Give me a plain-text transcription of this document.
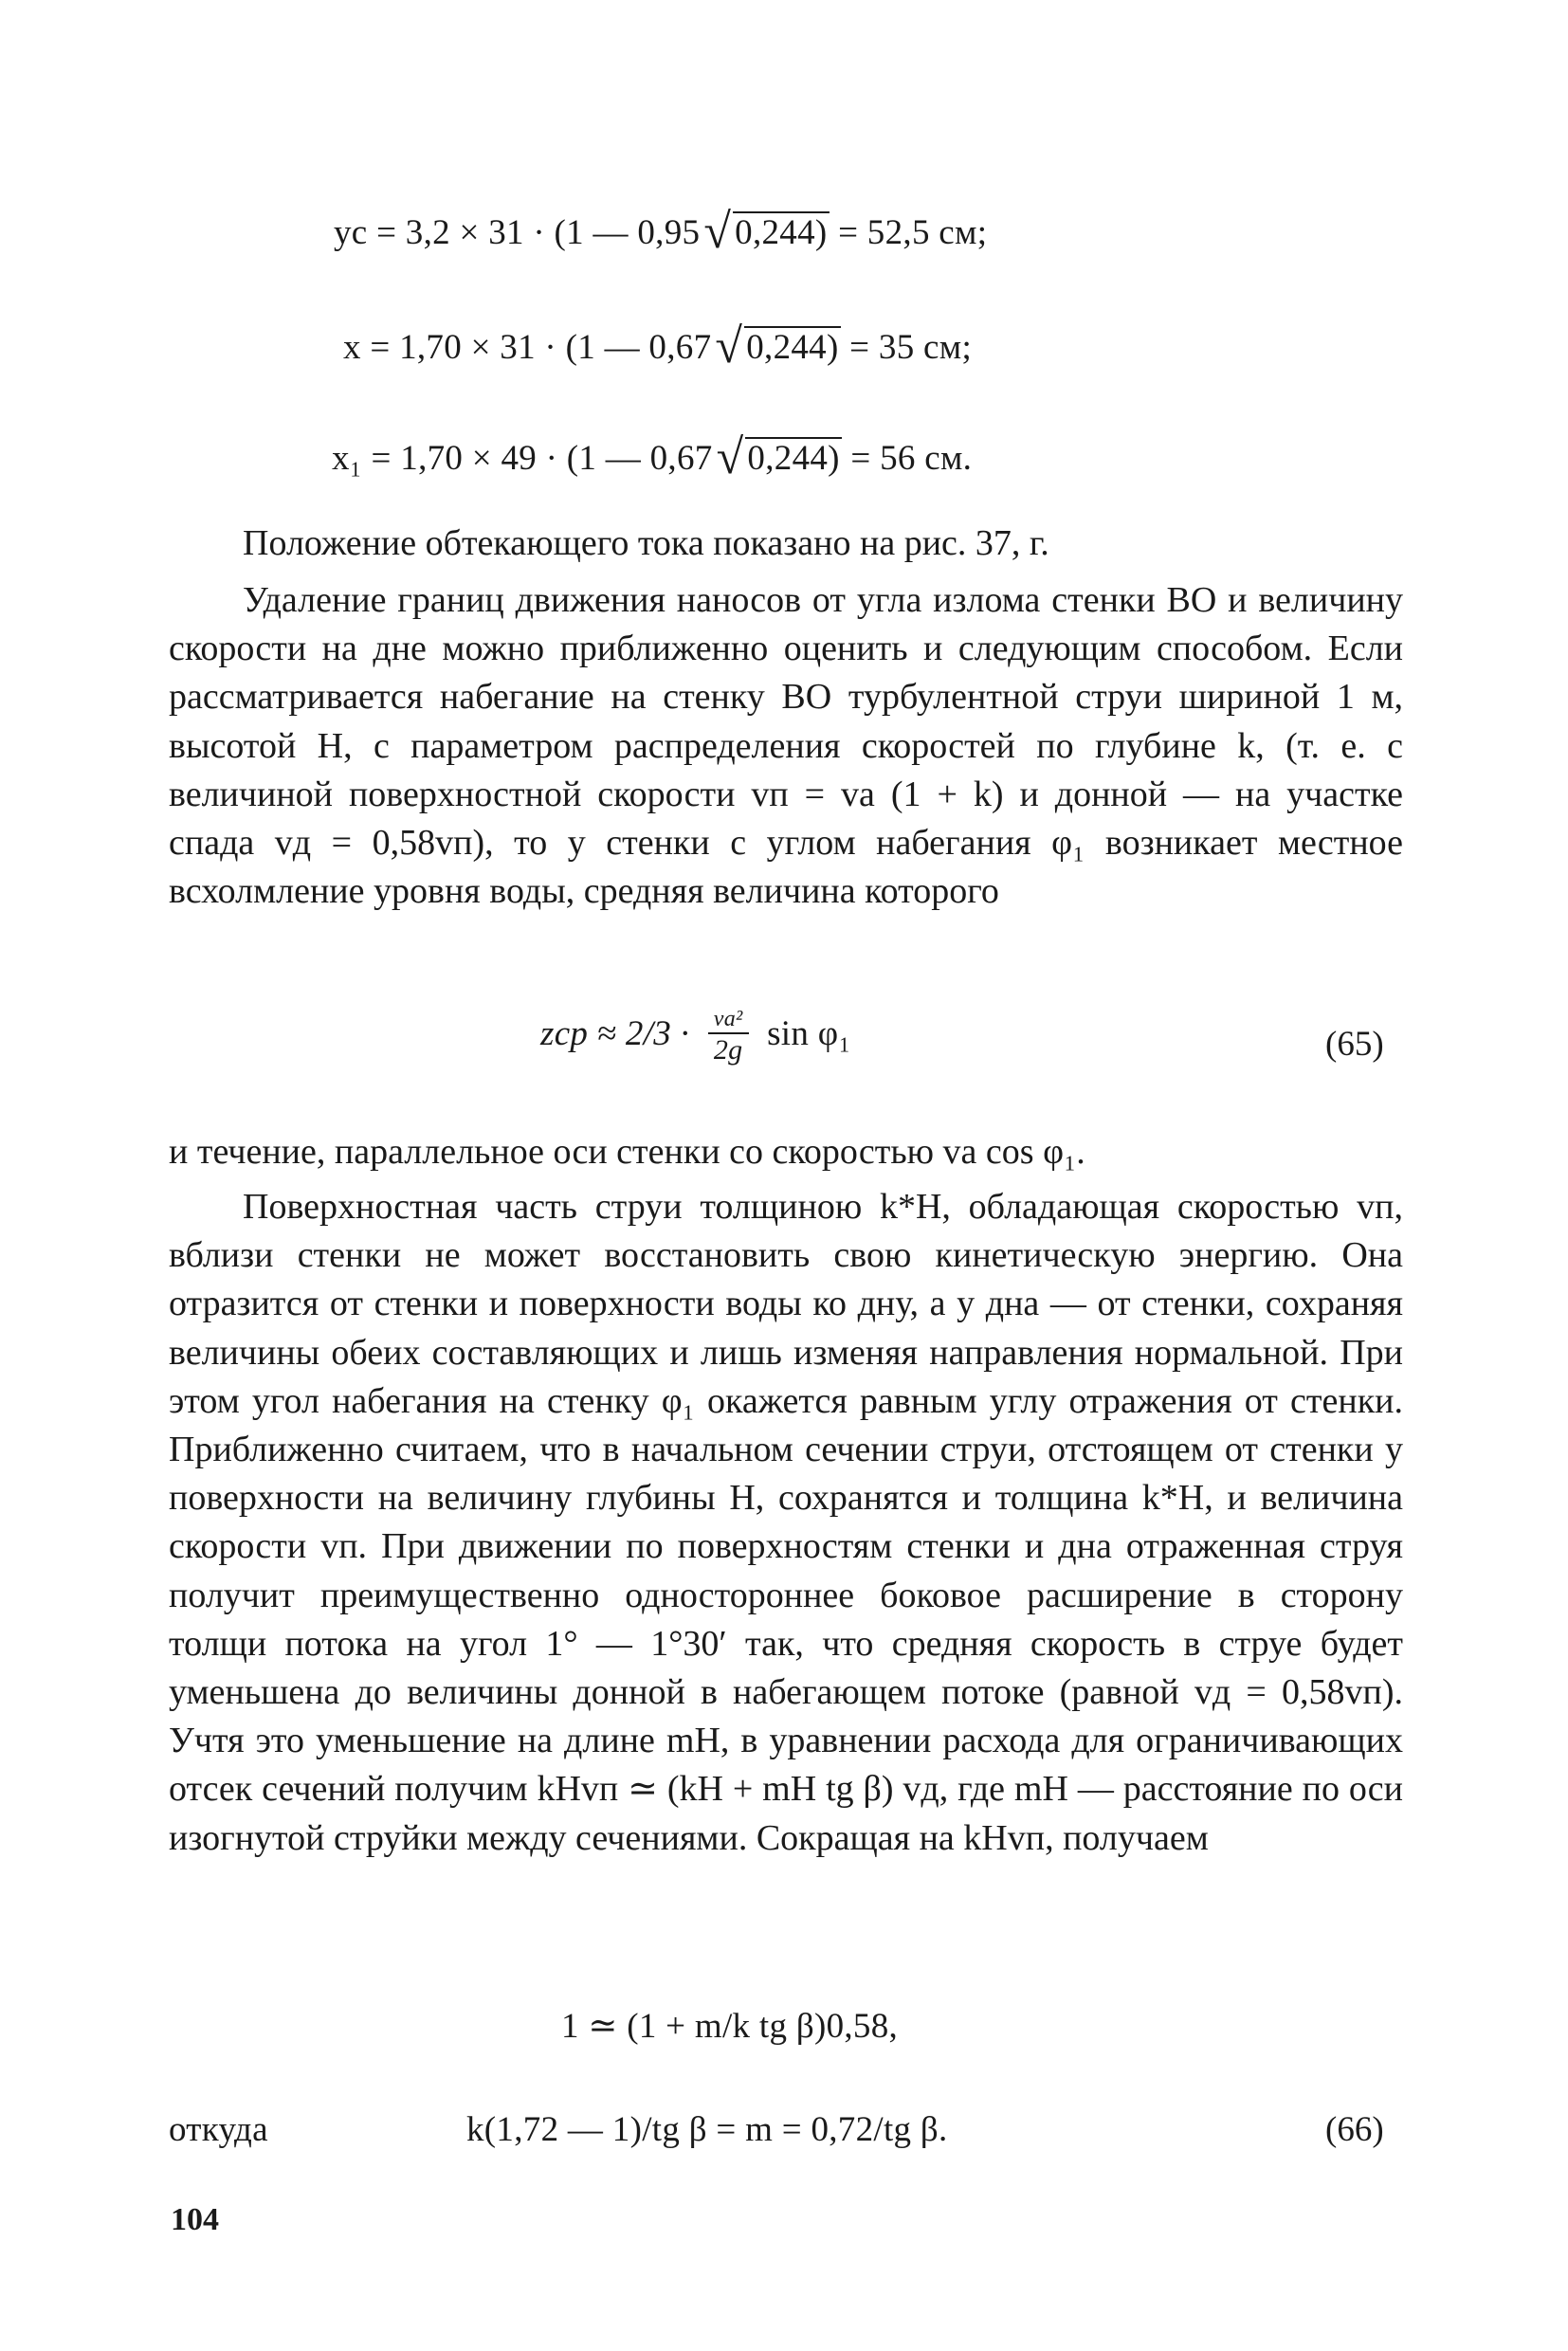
yс = 3,2 × 31 · (1 — 0,95√ 0,244) = 52,5 см;
x = 1,70 × 31 · (1 — 0,67√ 0,244) = 35 см;
x₁ = 1,70 × 49 · (1 — 0,67√ 0,244) = 56 см.

Положение обтекающего тока показано на рис. 37, г.

Удаление границ движения наносов от угла излома стенки ВО и величину скорости на дне можно приближенно оценить и следующим способом. Если рассматривается набегание на стенку ВО турбулентной струи шириной 1 м, высотой H, с параметром распределения скоростей по глубине k, (т. е. с величиной поверхностной скорости vп = vа (1 + k) и донной — на участке спада vд = 0,58vп), то у стенки с углом набегания φ₁ возникает местное всхолмление уровня воды, средняя величина которого

zср ≈ $2/3 \cdot \frac{\text{vа²}}{2g}$ sin φ₁	(65)

и течение, параллельное оси стенки со скоростью vа cos φ₁.

Поверхностная часть струи толщиною k*H, обладающая скоростью vп, вблизи стенки не может восстановить свою кинетическую энергию. Она отразится от стенки и поверхности воды ко дну, а у дна — от стенки, сохраняя величины обеих составляющих и лишь изменяя направления нормальной. При этом угол набегания на стенку φ₁ окажется равным углу отражения от стенки. Приближенно считаем, что в начальном сечении струи, отстоящем от стенки у поверхности на величину глубины H, сохранятся и толщина k*H, и величина скорости vп. При движении по поверхностям стенки и дна отраженная струя получит преимущественно одностороннее боковое расширение в сторону толщи потока на угол 1° — 1°30′ так, что средняя скорость в струе будет уменьшена до величины донной в набегающем потоке (равной vд = 0,58vп). Учтя это уменьшение на длине mH, в уравнении расхода для ограничивающих отсек сечений получим kHvп ≃ (kH + mH tg β) vд, где mH — расстояние по оси изогнутой струйки между сечениями. Сокращая на kHvп, получаем

1 ≃ (1 + m/k tg β)0,58,
откуда	k(1,72 — 1)/tg β = m = 0,72/tg β.	(66)
104
